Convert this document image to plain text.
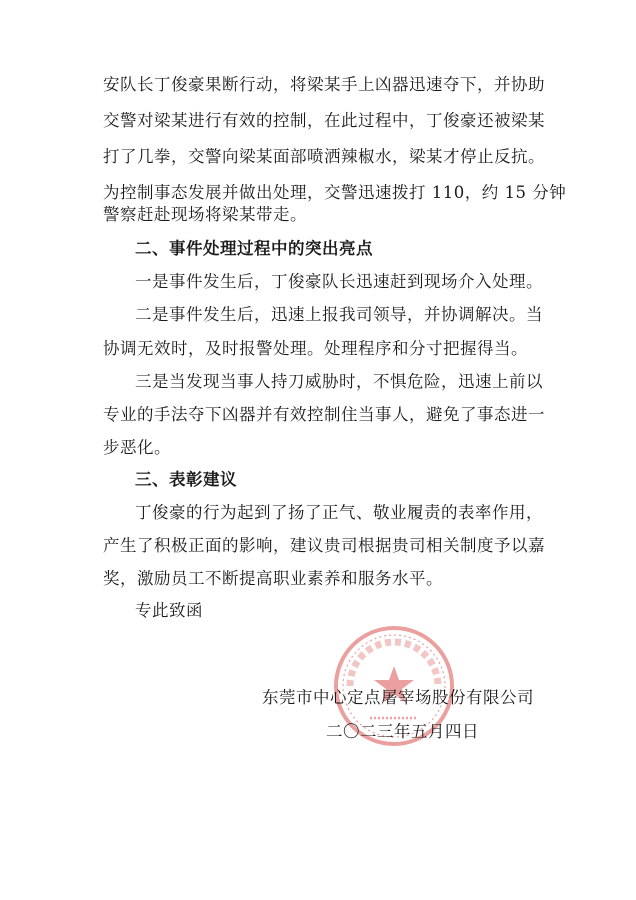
安队长丁俊豪果断行动，将梁某手上凶器迅速夺下，并协助
交警对梁某进行有效的控制，在此过程中，丁俊豪还被梁某
打了几拳，交警向梁某面部喷洒辣椒水，梁某才停止反抗。
为控制事态发展并做出处理，交警迅速拨打 110，约 15 分钟
警察赶赴现场将梁某带走。
二、事件处理过程中的突出亮点
一是事件发生后，丁俊豪队长迅速赶到现场介入处理。
二是事件发生后，迅速上报我司领导，并协调解决。当
协调无效时，及时报警处理。处理程序和分寸把握得当。
三是当发现当事人持刀威胁时，不惧危险，迅速上前以
专业的手法夺下凶器并有效控制住当事人，避免了事态进一
步恶化。
三、表彰建议
丁俊豪的行为起到了扬了正气、敬业履责的表率作用，
产生了积极正面的影响，建议贵司根据贵司相关制度予以嘉
奖，激励员工不断提高职业素养和服务水平。
专此致函
东莞市中心定点屠宰场股份有限公司
二〇二三年五月四日
